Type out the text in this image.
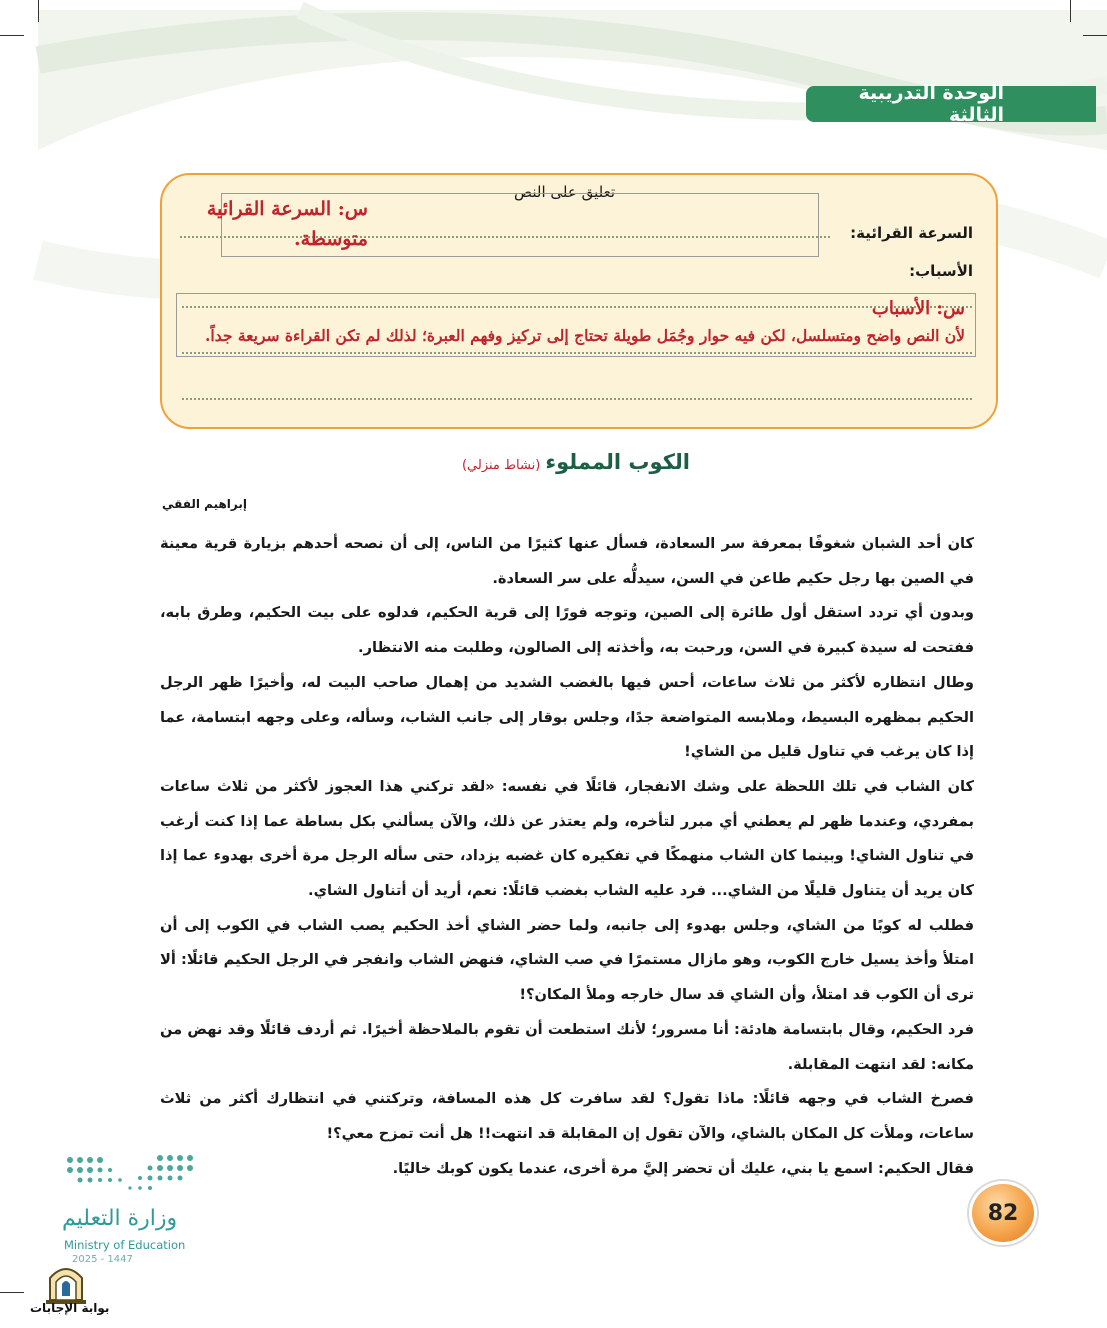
الوحدة التدريبية الثالثة
تعليق على النص
السرعة القرائية:
الأسباب:
س: السرعة القرائية
متوسطة.
س: الأسباب
لأن النص واضح ومتسلسل، لكن فيه حوار وجُمَل طويلة تحتاج إلى تركيز وفهم العبرة؛ لذلك لم تكن القراءة سريعة جداً.
الكوب المملوء (نشاط منزلي)
إبراهيم الفقي

كان أحد الشبان شغوفًا بمعرفة سر السعادة، فسأل عنها كثيرًا من الناس، إلى أن نصحه أحدهم بزيارة قرية معينة في الصين بها رجل حكيم طاعن في السن، سيدلُّه على سر السعادة.

وبدون أي تردد استقل أول طائرة إلى الصين، وتوجه فورًا إلى قرية الحكيم، فدلوه على بيت الحكيم، وطرق بابه، ففتحت له سيدة كبيرة في السن، ورحبت به، وأخذته إلى الصالون، وطلبت منه الانتظار.

وطال انتظاره لأكثر من ثلاث ساعات، أحس فيها بالغضب الشديد من إهمال صاحب البيت له، وأخيرًا ظهر الرجل الحكيم بمظهره البسيط، وملابسه المتواضعة جدًا، وجلس بوقار إلى جانب الشاب، وسأله، وعلى وجهه ابتسامة، عما إذا كان يرغب في تناول قليل من الشاي!

كان الشاب في تلك اللحظة على وشك الانفجار، قائلًا في نفسه: «لقد تركني هذا العجوز لأكثر من ثلاث ساعات بمفردي، وعندما ظهر لم يعطني أي مبرر لتأخره، ولم يعتذر عن ذلك، والآن يسألني بكل بساطة عما إذا كنت أرغب في تناول الشاي! وبينما كان الشاب منهمكًا في تفكيره كان غضبه يزداد، حتى سأله الرجل مرة أخرى بهدوء عما إذا كان يريد أن يتناول قليلًا من الشاي... فرد عليه الشاب بغضب قائلًا: نعم، أريد أن أتناول الشاي.

فطلب له كوبًا من الشاي، وجلس بهدوء إلى جانبه، ولما حضر الشاي أخذ الحكيم يصب الشاب في الكوب إلى أن امتلأ وأخذ يسيل خارج الكوب، وهو مازال مستمرًا في صب الشاي، فنهض الشاب وانفجر في الرجل الحكيم قائلًا: ألا ترى أن الكوب قد امتلأ، وأن الشاي قد سال خارجه وملأ المكان؟!

فرد الحكيم، وقال بابتسامة هادئة: أنا مسرور؛ لأنك استطعت أن تقوم بالملاحظة أخيرًا. ثم أردف قائلًا وقد نهض من مكانه: لقد انتهت المقابلة.

فصرخ الشاب في وجهه قائلًا: ماذا تقول؟ لقد سافرت كل هذه المسافة، وتركتني في انتظارك أكثر من ثلاث ساعات، وملأت كل المكان بالشاي، والآن تقول إن المقابلة قد انتهت!! هل أنت تمزح معي؟!

فقال الحكيم: اسمع يا بني، عليك أن تحضر إليَّ مرة أخرى، عندما يكون كوبك خاليًا.

82
وزارة التعليم
Ministry of Education
2025 - 1447
بوابة الإجابات
